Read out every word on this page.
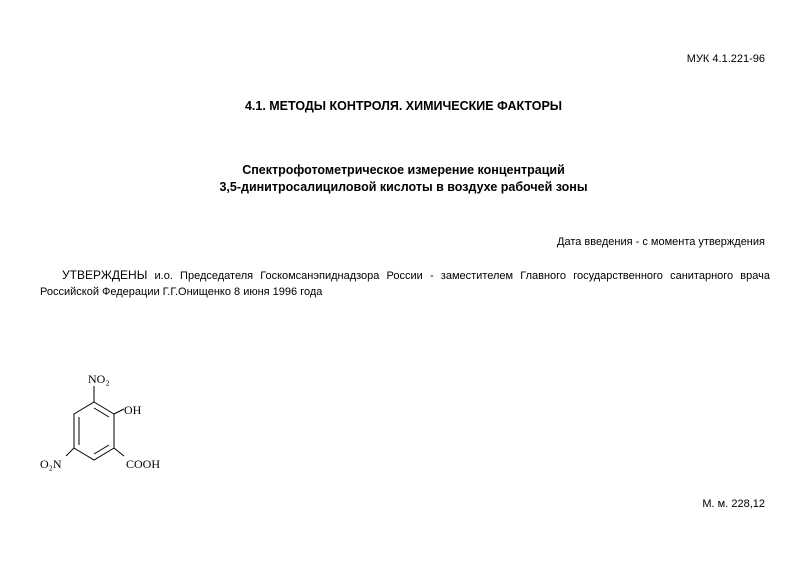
МУК 4.1.221-96
4.1. МЕТОДЫ КОНТРОЛЯ. ХИМИЧЕСКИЕ ФАКТОРЫ
Спектрофотометрическое измерение концентраций
3,5-динитросалициловой кислоты в воздухе рабочей зоны
Дата введения - с момента утверждения
УТВЕРЖДЕНЫ и.о. Председателя Госкомсанэпиднадзора России - заместителем Главного государственного санитарного врача Российской Федерации Г.Г.Онищенко 8 июня 1996 года
NO₂
OH
O₂N	COOH
М. м. 228,12
